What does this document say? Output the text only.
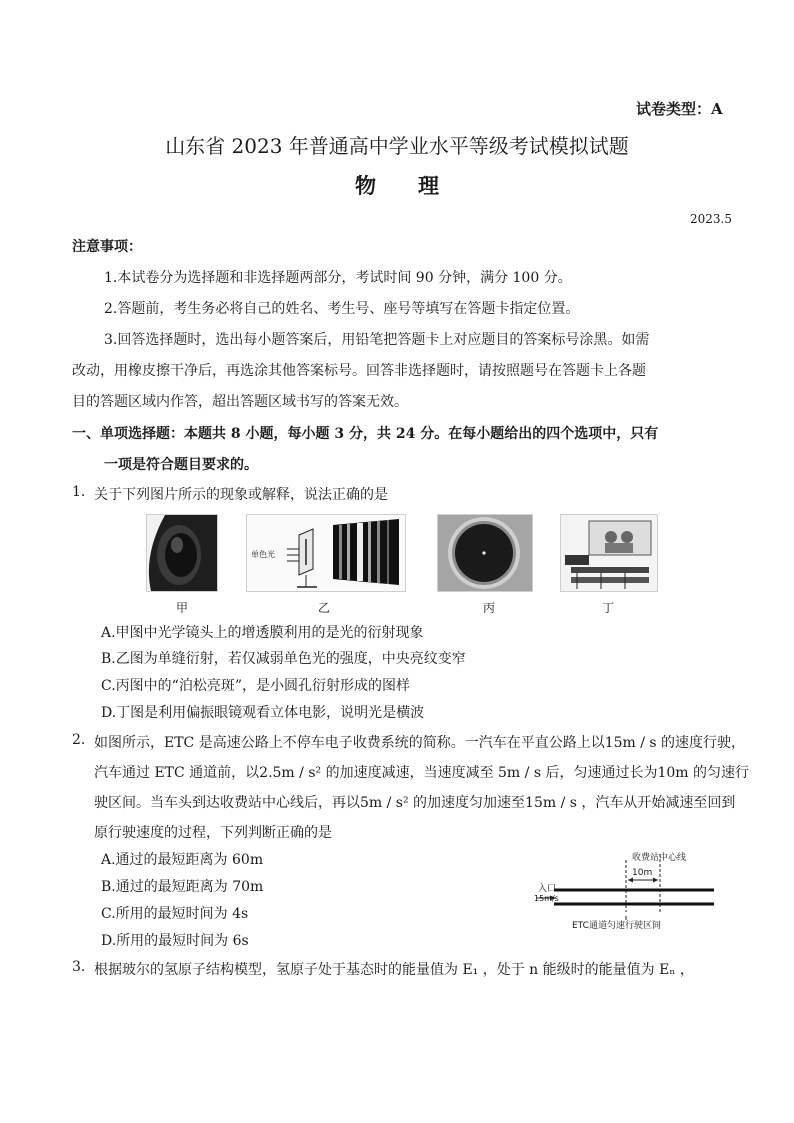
试卷类型：A
山东省 2023 年普通高中学业水平等级考试模拟试题
物　　理
2023.5
注意事项：
1.本试卷分为选择题和非选择题两部分，考试时间 90 分钟，满分 100 分。
2.答题前，考生务必将自己的姓名、考生号、座号等填写在答题卡指定位置。
3.回答选择题时，选出每小题答案后，用铅笔把答题卡上对应题目的答案标号涂黑。如需
改动，用橡皮擦干净后，再选涂其他答案标号。回答非选择题时，请按照题号在答题卡上各题
目的答题区域内作答，超出答题区域书写的答案无效。
一、单项选择题：本题共 8 小题，每小题 3 分，共 24 分。在每小题给出的四个选项中，只有
一项是符合题目要求的。
1. 关于下列图片所示的现象或解释，说法正确的是
甲
单色光
乙	丙	丁
A.甲图中光学镜头上的增透膜利用的是光的衍射现象
B.乙图为单缝衍射，若仅减弱单色光的强度，中央亮纹变窄
C.丙图中的“泊松亮斑”，是小圆孔衍射形成的图样
D.丁图是利用偏振眼镜观看立体电影，说明光是横波
2. 如图所示，ETC 是高速公路上不停车电子收费系统的简称。一汽车在平直公路上以15m / s 的速度行驶，
汽车通过 ETC 通道前，以2.5m / s² 的加速度减速，当速度减至 5m / s 后，匀速通过长为10m 的匀速行
驶区间。当车头到达收费站中心线后，再以5m / s² 的加速度匀加速至15m / s ，汽车从开始减速至回到
原行驶速度的过程，下列判断正确的是
A.通过的最短距离为 60m
B.通过的最短距离为 70m
C.所用的最短时间为 4s
D.所用的最短时间为 6s
收费站中心线
10m
入口
15m/s
ETC通道匀速行驶区间
3. 根据玻尔的氢原子结构模型，氢原子处于基态时的能量值为 E₁ ，处于 n 能级时的能量值为 Eₙ ，
